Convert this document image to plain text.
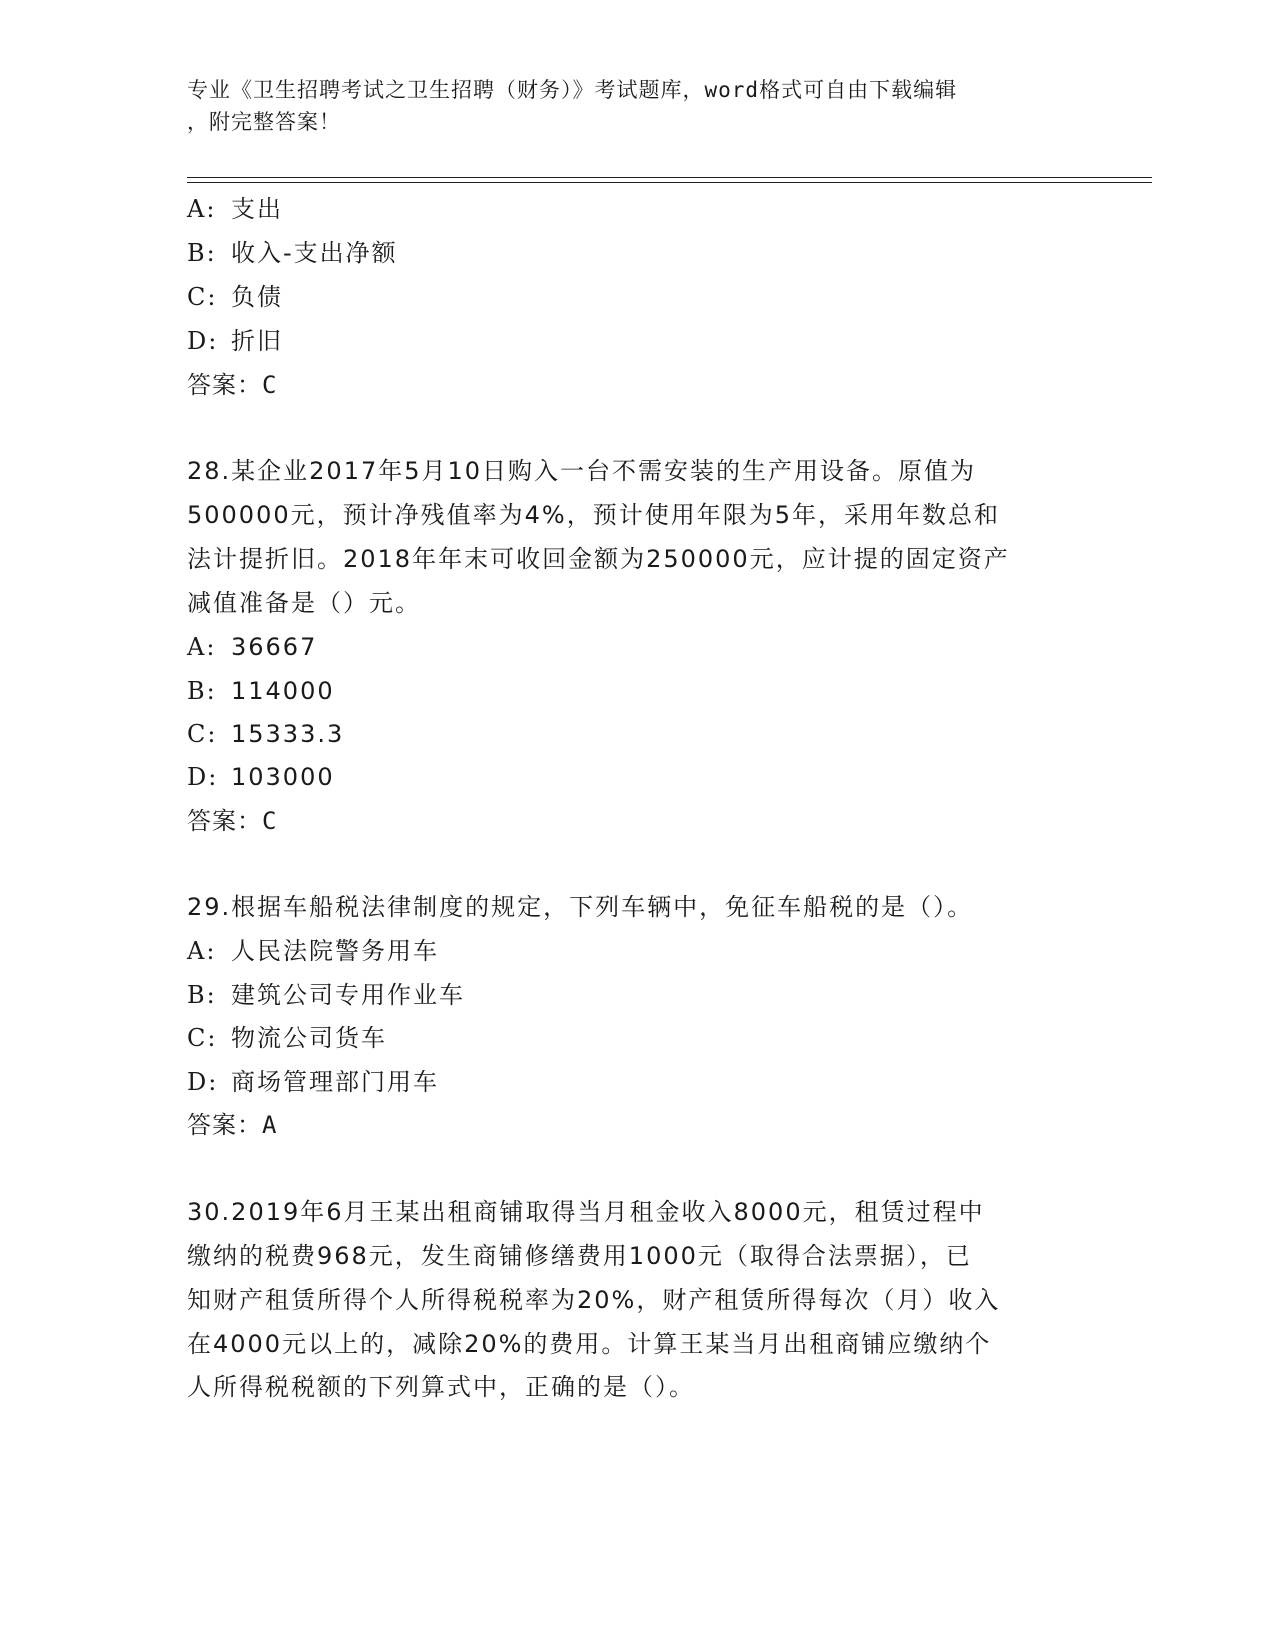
专业《卫生招聘考试之卫生招聘（财务）》考试题库，word格式可自由下载编辑
，附完整答案！
A: 支出
B: 收入-支出净额
C: 负债
D: 折旧
答案：C
28.某企业2017年5月10日购入一台不需安装的生产用设备。原值为
500000元，预计净残值率为4%，预计使用年限为5年，采用年数总和
法计提折旧。2018年年末可收回金额为250000元，应计提的固定资产
减值准备是（）元。
A: 36667
B: 114000
C: 15333.3
D: 103000
答案：C
29.根据车船税法律制度的规定，下列车辆中，免征车船税的是（）。
A: 人民法院警务用车
B: 建筑公司专用作业车
C: 物流公司货车
D: 商场管理部门用车
答案：A
30.2019年6月王某出租商铺取得当月租金收入8000元，租赁过程中
缴纳的税费968元，发生商铺修缮费用1000元（取得合法票据），已
知财产租赁所得个人所得税税率为20%，财产租赁所得每次（月）收入
在4000元以上的，减除20%的费用。计算王某当月出租商铺应缴纳个
人所得税税额的下列算式中，正确的是（）。
